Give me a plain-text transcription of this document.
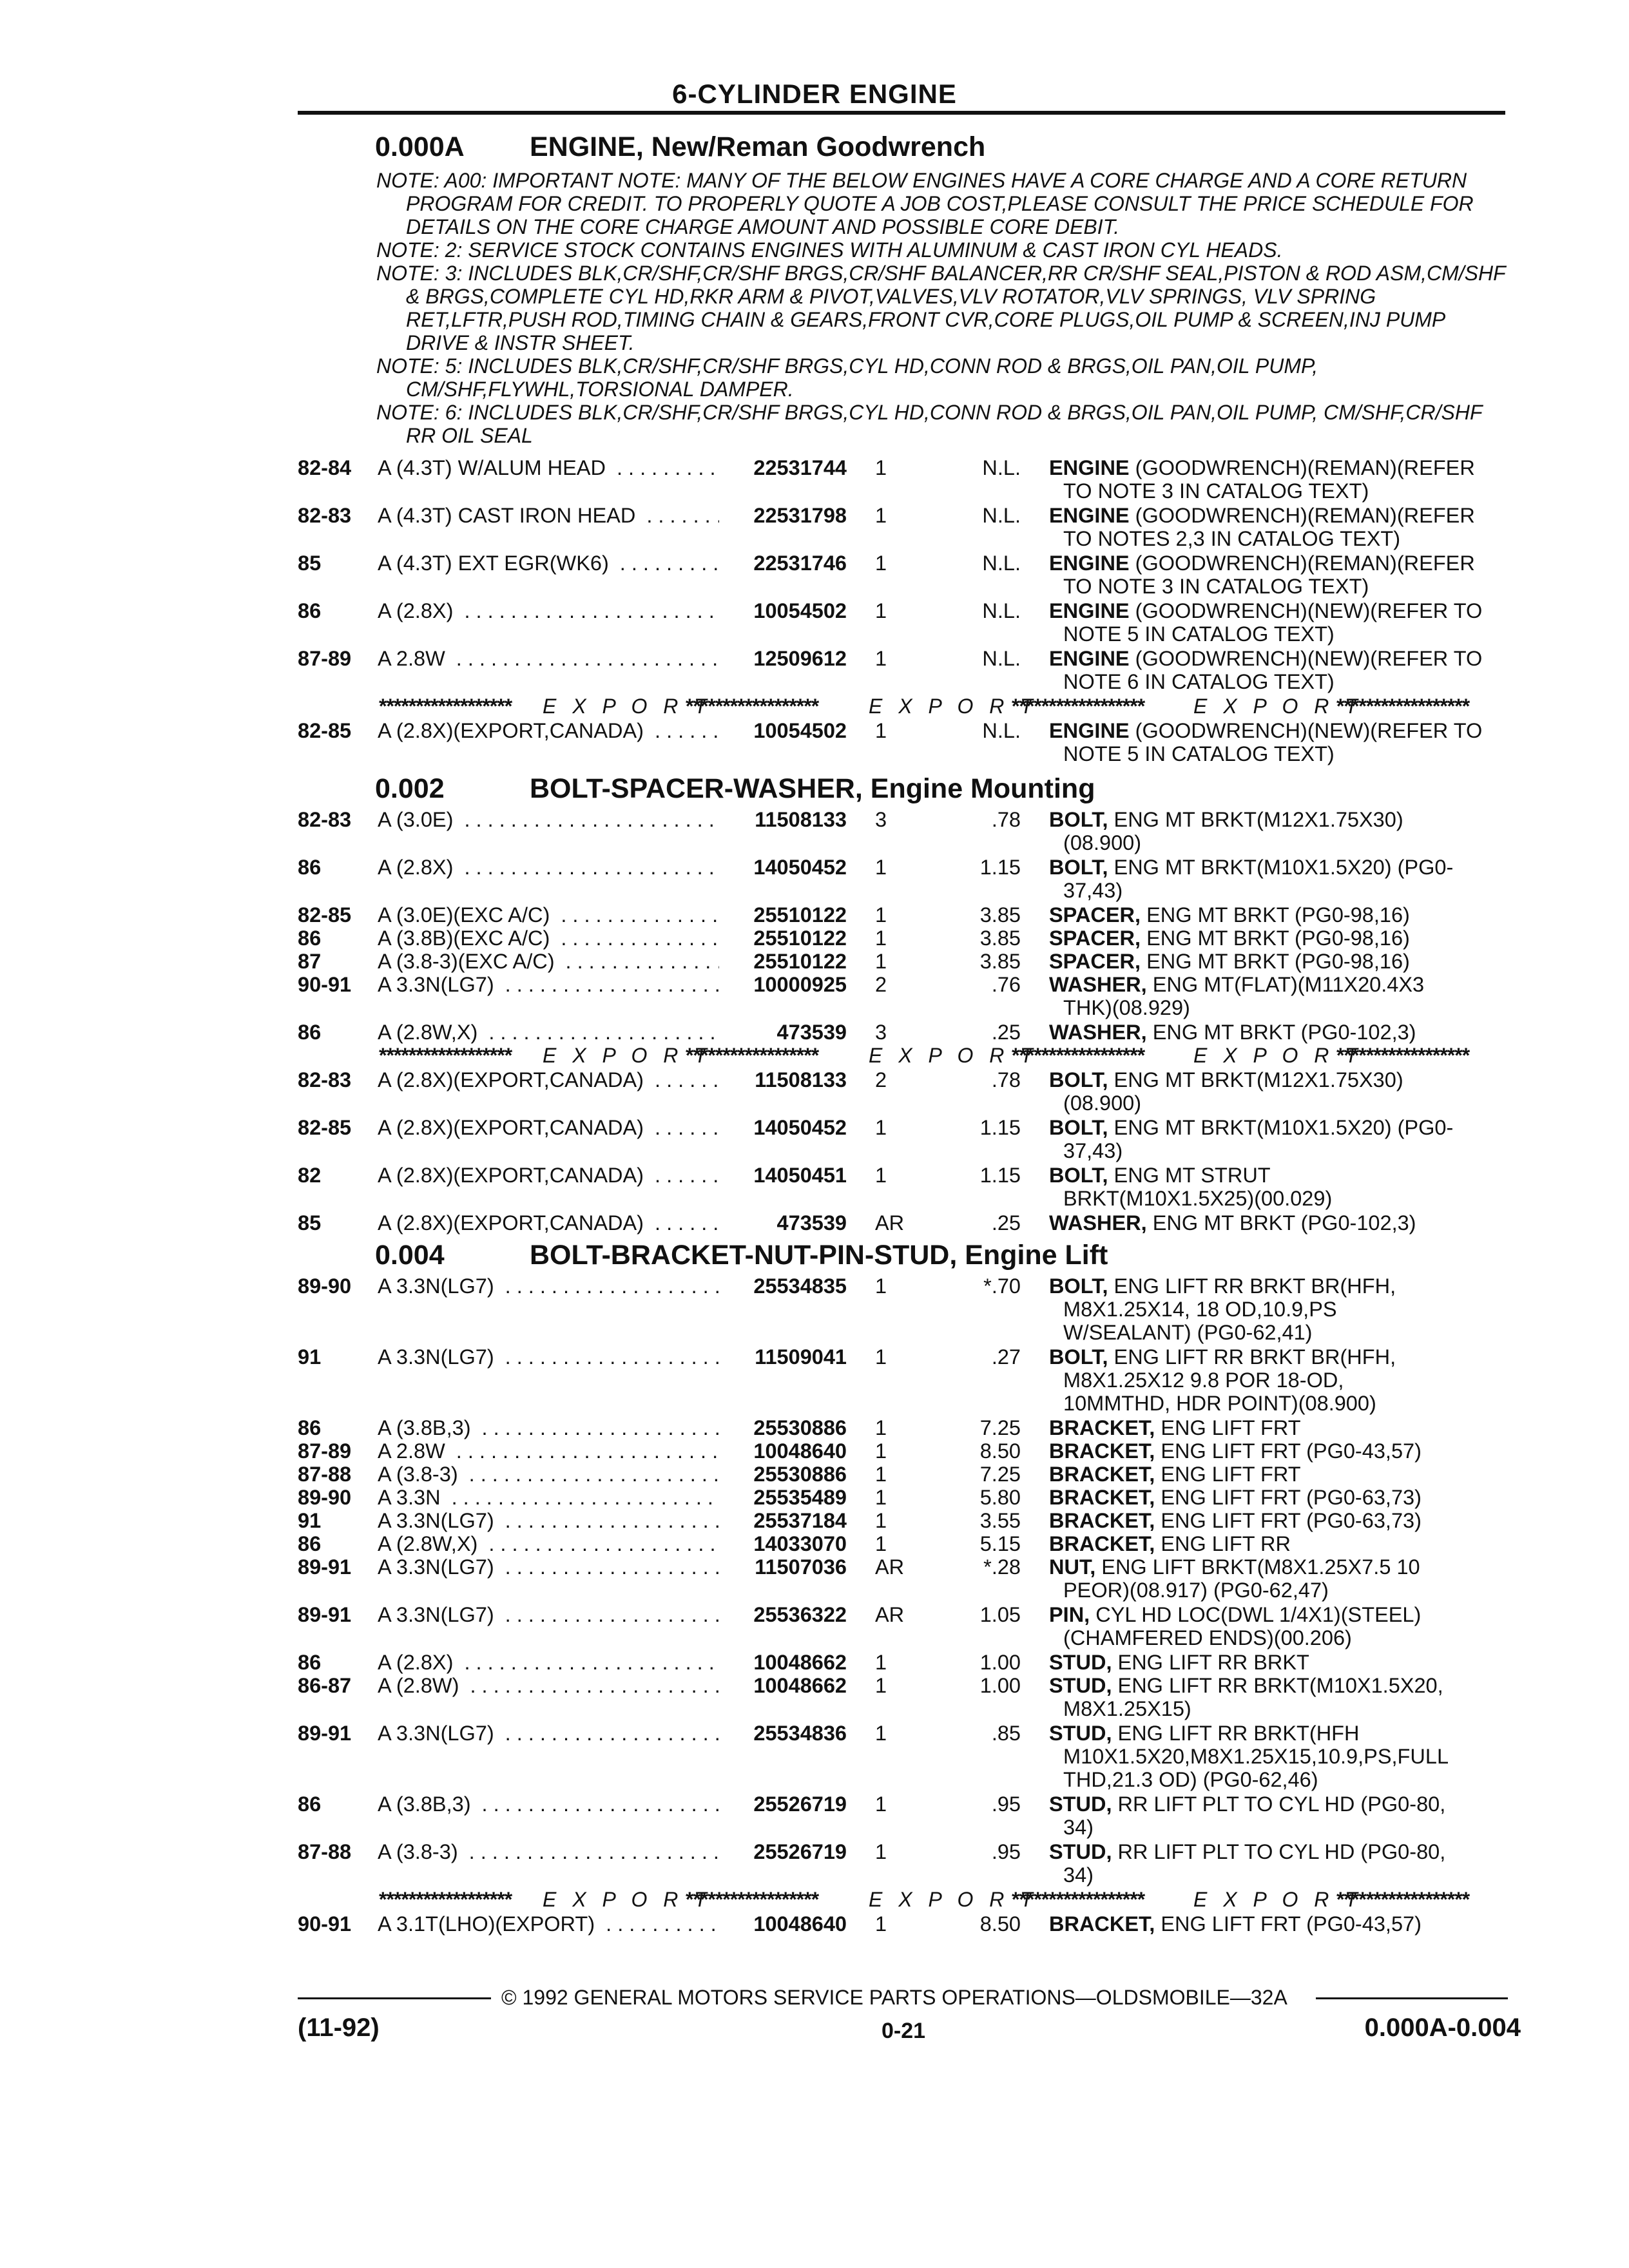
6-CYLINDER ENGINE
0.000A ENGINE, New/Reman Goodwrench

NOTE: A00: IMPORTANT NOTE: MANY OF THE BELOW ENGINES HAVE A CORE CHARGE AND A CORE RETURN PROGRAM FOR CREDIT. TO PROPERLY QUOTE A JOB COST,PLEASE CONSULT THE PRICE SCHEDULE FOR DETAILS ON THE CORE CHARGE AMOUNT AND POSSIBLE CORE DEBIT.

NOTE: 2: SERVICE STOCK CONTAINS ENGINES WITH ALUMINUM & CAST IRON CYL HEADS.

NOTE: 3: INCLUDES BLK,CR/SHF,CR/SHF BRGS,CR/SHF BALANCER,RR CR/SHF SEAL,PISTON & ROD ASM,CM/SHF & BRGS,COMPLETE CYL HD,RKR ARM & PIVOT,VALVES,VLV ROTATOR,VLV SPRINGS, VLV SPRING RET,LFTR,PUSH ROD,TIMING CHAIN & GEARS,FRONT CVR,CORE PLUGS,OIL PUMP & SCREEN,INJ PUMP DRIVE & INSTR SHEET.

NOTE: 5: INCLUDES BLK,CR/SHF,CR/SHF BRGS,CYL HD,CONN ROD & BRGS,OIL PAN,OIL PUMP, CM/SHF,FLYWHL,TORSIONAL DAMPER.

NOTE: 6: INCLUDES BLK,CR/SHF,CR/SHF BRGS,CYL HD,CONN ROD & BRGS,OIL PAN,OIL PUMP, CM/SHF,CR/SHF RR OIL SEAL

82-84 A (4.3T) W/ALUM HEAD . . .	22531744 1	N.L. ENGINE (GOODWRENCH)(REMAN)(REFER
TO NOTE 3 IN CATALOG TEXT)
82-83 A (4.3T) CAST IRON HEAD . . .	22531798 1	N.L. ENGINE (GOODWRENCH)(REMAN)(REFER
TO NOTES 2,3 IN CATALOG TEXT)
85	A (4.3T) EXT EGR(WK6) . . .	22531746 1	N.L. ENGINE (GOODWRENCH)(REMAN)(REFER
TO NOTE 3 IN CATALOG TEXT)
86	A (2.8X) . . .	10054502 1	N.L. ENGINE (GOODWRENCH)(NEW)(REFER TO
NOTE 5 IN CATALOG TEXT)
87-89 A 2.8W . . .	12509612 1	N.L. ENGINE (GOODWRENCH)(NEW)(REFER TO
NOTE 6 IN CATALOG TEXT)
******************	******************	******************	******************
E X P O R T	E X P O R T	E X P O R T
82-85 A (2.8X)(EXPORT,CANADA) . . .	10054502 1	N.L. ENGINE (GOODWRENCH)(NEW)(REFER TO
NOTE 5 IN CATALOG TEXT)
0.002	BOLT-SPACER-WASHER, Engine Mounting
82-83 A (3.0E) . . .	11508133 3	.78 BOLT, ENG MT BRKT(M12X1.75X30)
(08.900)
86	A (2.8X) . . .	14050452 1	1.15 BOLT, ENG MT BRKT(M10X1.5X20) (PG0-
37,43)
82-85 A (3.0E)(EXC A/C) . . .	25510122 1	3.85 SPACER, ENG MT BRKT (PG0-98,16)
86	A (3.8B)(EXC A/C) . . .	25510122 1	3.85 SPACER, ENG MT BRKT (PG0-98,16)
87	A (3.8-3)(EXC A/C) . . .	25510122 1	3.85 SPACER, ENG MT BRKT (PG0-98,16)
90-91 A 3.3N(LG7) . . .	10000925 2	.76 WASHER, ENG MT(FLAT)(M11X20.4X3
THK)(08.929)
86	A (2.8W,X) . . .	473539 3	.25 WASHER, ENG MT BRKT (PG0-102,3)
******************	******************	******************	******************
E X P O R T	E X P O R T	E X P O R T
82-83 A (2.8X)(EXPORT,CANADA) . . .	11508133 2	.78 BOLT, ENG MT BRKT(M12X1.75X30)
(08.900)
82-85 A (2.8X)(EXPORT,CANADA) . . .	14050452 1	1.15 BOLT, ENG MT BRKT(M10X1.5X20) (PG0-
37,43)
82	A (2.8X)(EXPORT,CANADA) . . .	14050451 1	1.15 BOLT, ENG MT STRUT
BRKT(M10X1.5X25)(00.029)
85	A (2.8X)(EXPORT,CANADA) . . .	473539 AR	.25 WASHER, ENG MT BRKT (PG0-102,3)
0.004	BOLT-BRACKET-NUT-PIN-STUD, Engine Lift
89-90 A 3.3N(LG7) . . .	25534835 1	*.70 BOLT, ENG LIFT RR BRKT BR(HFH,
M8X1.25X14, 18 OD,10.9,PS
W/SEALANT) (PG0-62,41)
91	A 3.3N(LG7) . . .	11509041 1	.27 BOLT, ENG LIFT RR BRKT BR(HFH,
M8X1.25X12 9.8 POR 18-OD,
10MMTHD, HDR POINT)(08.900)
86	A (3.8B,3) . . .	25530886 1	7.25 BRACKET, ENG LIFT FRT
87-89 A 2.8W . . .	10048640 1	8.50 BRACKET, ENG LIFT FRT (PG0-43,57)
87-88 A (3.8-3) . . .	25530886 1	7.25 BRACKET, ENG LIFT FRT
89-90 A 3.3N . . .	25535489 1	5.80 BRACKET, ENG LIFT FRT (PG0-63,73)
91	A 3.3N(LG7) . . .	25537184 1	3.55 BRACKET, ENG LIFT FRT (PG0-63,73)
86	A (2.8W,X) . . .	14033070 1	5.15 BRACKET, ENG LIFT RR
89-91 A 3.3N(LG7) . . .	11507036 AR	*.28 NUT, ENG LIFT BRKT(M8X1.25X7.5 10
PEOR)(08.917) (PG0-62,47)
89-91 A 3.3N(LG7) . . .	25536322 AR	1.05 PIN, CYL HD LOC(DWL 1/4X1)(STEEL)
(CHAMFERED ENDS)(00.206)
86	A (2.8X) . . .	10048662 1	1.00 STUD, ENG LIFT RR BRKT
86-87 A (2.8W) . . .	10048662 1	1.00 STUD, ENG LIFT RR BRKT(M10X1.5X20,
M8X1.25X15)
89-91 A 3.3N(LG7) . . .	25534836 1	.85 STUD, ENG LIFT RR BRKT(HFH
M10X1.5X20,M8X1.25X15,10.9,PS,FULL
THD,21.3 OD) (PG0-62,46)
86	A (3.8B,3) . . .	25526719 1	.95 STUD, RR LIFT PLT TO CYL HD (PG0-80,
34)
87-88 A (3.8-3) . . .	25526719 1	.95 STUD, RR LIFT PLT TO CYL HD (PG0-80,
34)
******************	******************	******************	******************
E X P O R T	E X P O R T	E X P O R T
90-91 A 3.1T(LHO)(EXPORT) . . .	10048640 1	8.50 BRACKET, ENG LIFT FRT (PG0-43,57)
© 1992 GENERAL MOTORS SERVICE PARTS OPERATIONS—OLDSMOBILE—32A
(11-92)	0-21	0.000A-0.004
